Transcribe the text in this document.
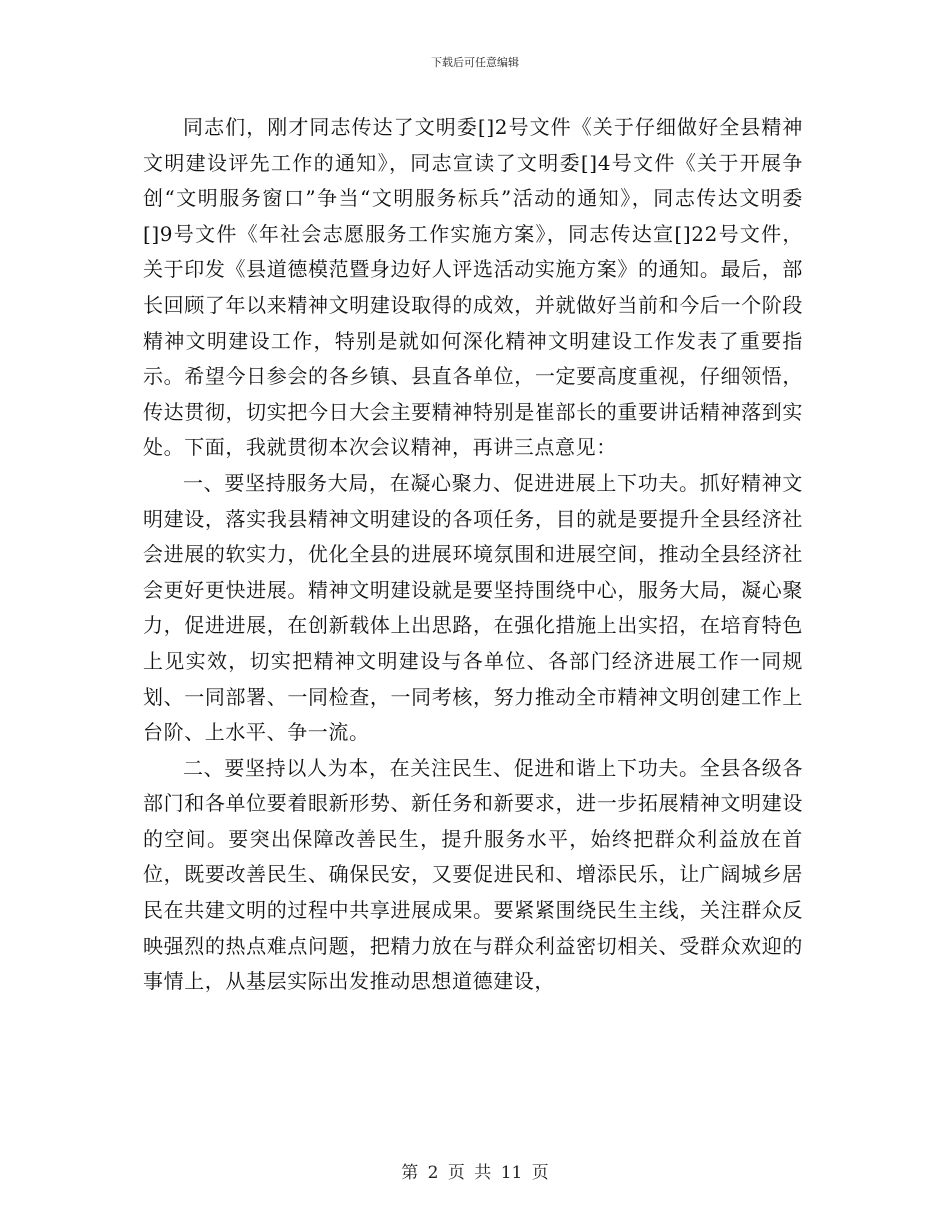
下载后可任意编辑

同志们，刚才同志传达了文明委[]2号文件《关于仔细做好全县精神文明建设评先工作的通知》，同志宣读了文明委[]4号文件《关于开展争创“文明服务窗口”争当“文明服务标兵”活动的通知》，同志传达文明委[]9号文件《年社会志愿服务工作实施方案》，同志传达宣[]22号文件，关于印发《县道德模范暨身边好人评选活动实施方案》的通知。最后，部长回顾了年以来精神文明建设取得的成效，并就做好当前和今后一个阶段精神文明建设工作，特别是就如何深化精神文明建设工作发表了重要指示。希望今日参会的各乡镇、县直各单位，一定要高度重视，仔细领悟，传达贯彻，切实把今日大会主要精神特别是崔部长的重要讲话精神落到实处。下面，我就贯彻本次会议精神，再讲三点意见：

一、要坚持服务大局，在凝心聚力、促进进展上下功夫。抓好精神文明建设，落实我县精神文明建设的各项任务，目的就是要提升全县经济社会进展的软实力，优化全县的进展环境氛围和进展空间，推动全县经济社会更好更快进展。精神文明建设就是要坚持围绕中心，服务大局，凝心聚力，促进进展，在创新载体上出思路，在强化措施上出实招，在培育特色上见实效，切实把精神文明建设与各单位、各部门经济进展工作一同规划、一同部署、一同检查，一同考核，努力推动全市精神文明创建工作上台阶、上水平、争一流。

二、要坚持以人为本，在关注民生、促进和谐上下功夫。全县各级各部门和各单位要着眼新形势、新任务和新要求，进一步拓展精神文明建设的空间。要突出保障改善民生，提升服务水平，始终把群众利益放在首位，既要改善民生、确保民安，又要促进民和、增添民乐，让广阔城乡居民在共建文明的过程中共享进展成果。要紧紧围绕民生主线，关注群众反映强烈的热点难点问题，把精力放在与群众利益密切相关、受群众欢迎的事情上，从基层实际出发推动思想道德建设，

第 2 页 共 11 页
